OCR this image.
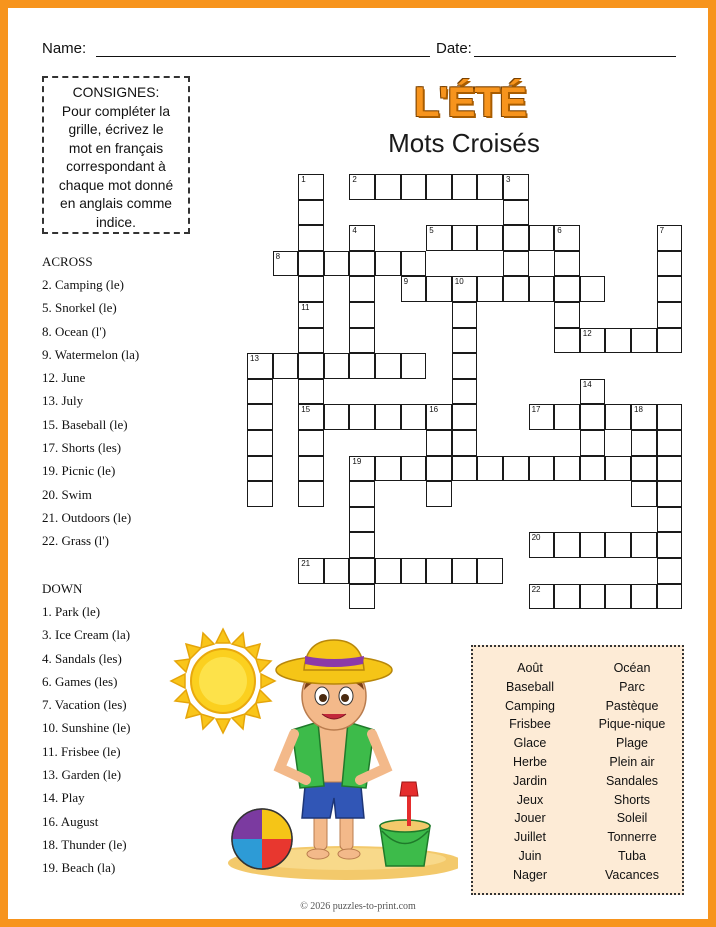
Name:	Date:
CONSIGNES:
Pour compléter la
grille, écrivez le
mot en français
correspondant à
chaque mot donné
en anglais comme
indice.
L'ÉTÉ
Mots Croisés
ACROSS
2. Camping (le)
5. Snorkel (le)
8. Ocean (l')
9. Watermelon (la)
12. June
13. July
15. Baseball (le)
17. Shorts (les)
19. Picnic (le)
20. Swim
21. Outdoors (le)
22. Grass (l')
DOWN
1. Park (le)
3. Ice Cream (la)
4. Sandals (les)
6. Games (les)
7. Vacation (les)
10. Sunshine (le)
11. Frisbee (le)
13. Garden (le)
14. Play
16. August
18. Thunder (le)
19. Beach (la)
2	3
5
8
9	10
12
13
15	16	17	18
19
20
21
22
1
4	6	7
11
14
Août
Baseball
Camping
Frisbee
Glace
Herbe
Jardin
Jeux
Jouer
Juillet
Juin
Nager
Océan
Parc
Pastèque
Pique-nique
Plage
Plein air
Sandales
Shorts
Soleil
Tonnerre
Tuba
Vacances
© 2026 puzzles-to-print.com
